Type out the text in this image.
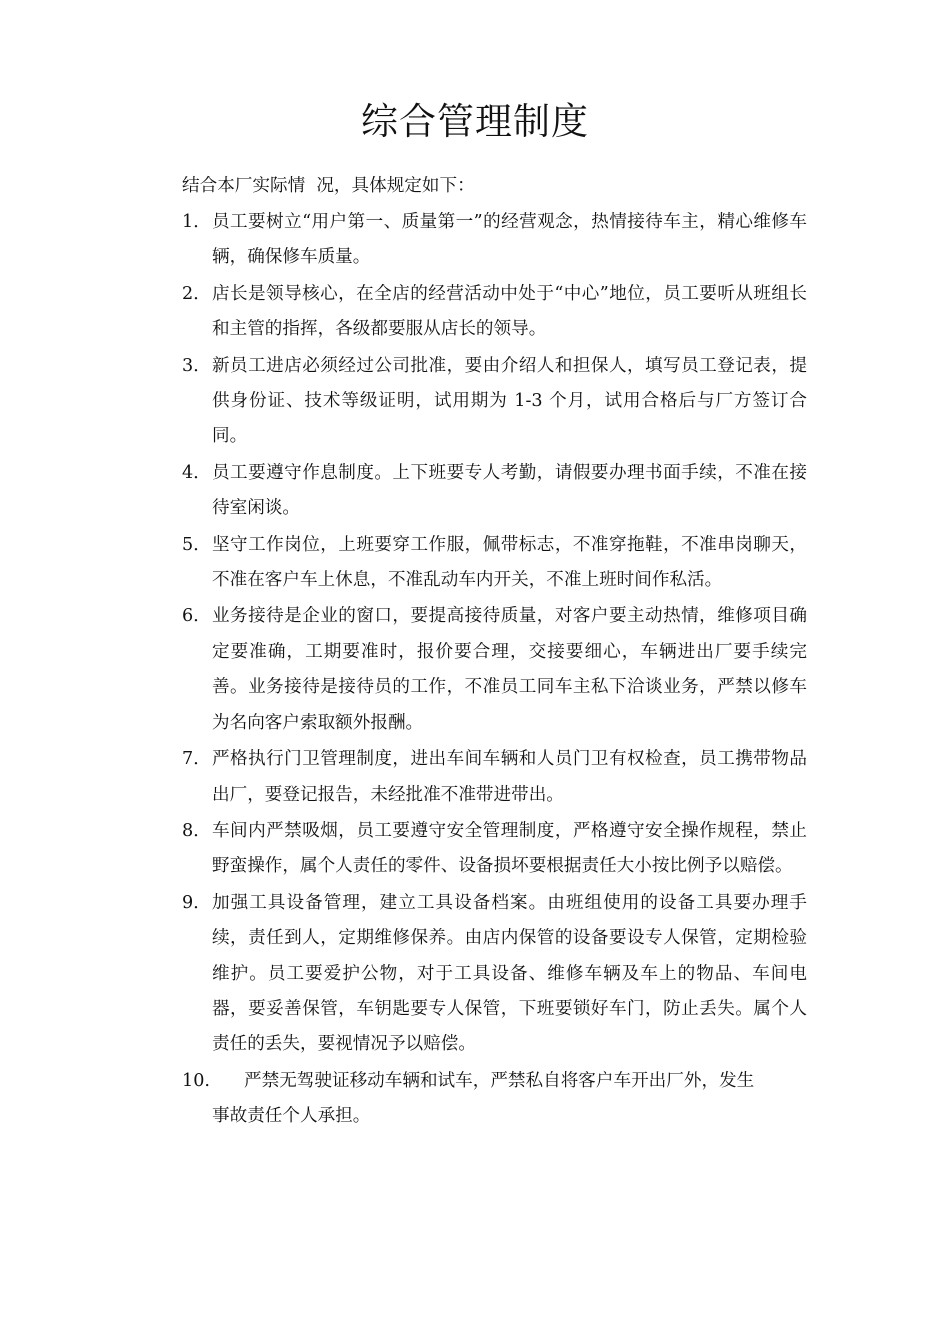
综合管理制度

结合本厂实际情  况，具体规定如下：

1． 员工要树立“用户第一、质量第一”的经营观念，热情接待车主，精心维修车辆，确保修车质量。
2． 店长是领导核心，在全店的经营活动中处于“中心”地位，员工要听从班组长和主管的指挥，各级都要服从店长的领导。
3． 新员工进店必须经过公司批准，要由介绍人和担保人，填写员工登记表，提供身份证、技术等级证明，试用期为 1-3 个月，试用合格后与厂方签订合同。
4． 员工要遵守作息制度。上下班要专人考勤，请假要办理书面手续，不准在接待室闲谈。
5． 坚守工作岗位，上班要穿工作服，佩带标志，不准穿拖鞋，不准串岗聊天，不准在客户车上休息，不准乱动车内开关，不准上班时间作私活。
6． 业务接待是企业的窗口，要提高接待质量，对客户要主动热情，维修项目确定要准确，工期要准时，报价要合理，交接要细心，车辆进出厂要手续完善。业务接待是接待员的工作，不准员工同车主私下洽谈业务，严禁以修车为名向客户索取额外报酬。
7． 严格执行门卫管理制度，进出车间车辆和人员门卫有权检查，员工携带物品出厂，要登记报告，未经批准不准带进带出。
8． 车间内严禁吸烟，员工要遵守安全管理制度，严格遵守安全操作规程，禁止野蛮操作，属个人责任的零件、设备损坏要根据责任大小按比例予以赔偿。
9． 加强工具设备管理，建立工具设备档案。由班组使用的设备工具要办理手续，责任到人，定期维修保养。由店内保管的设备要设专人保管，定期检验维护。员工要爱护公物，对于工具设备、维修车辆及车上的物品、车间电器，要妥善保管，车钥匙要专人保管，下班要锁好车门，防止丢失。属个人责任的丢失，要视情况予以赔偿。
10.	严禁无驾驶证移动车辆和试车，严禁私自将客户车开出厂外，发生
事故责任个人承担。
